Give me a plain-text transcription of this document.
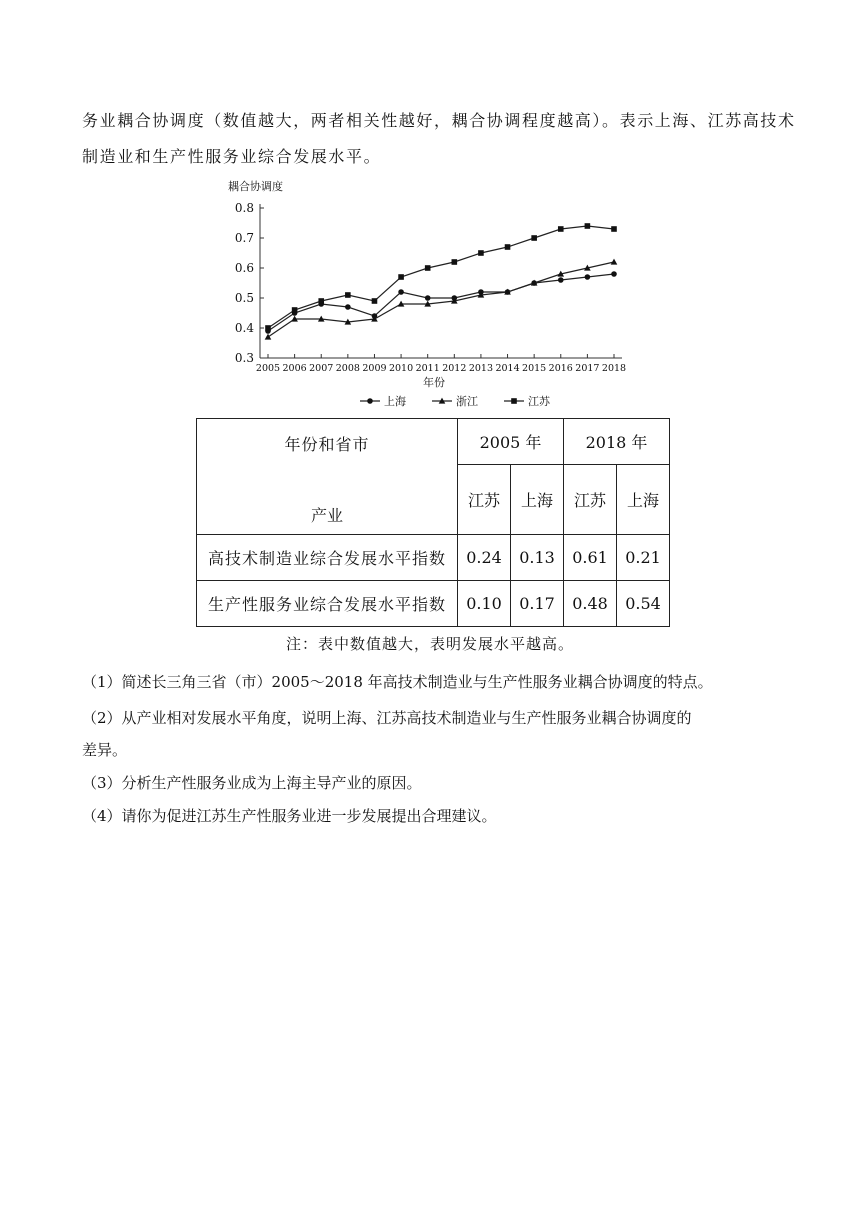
务业耦合协调度（数值越大，两者相关性越好，耦合协调程度越高）。表示上海、江苏高技术
制造业和生产性服务业综合发展水平。
耦合协调度
0.3
0.4
0.5
0.6
0.7
0.8
2005 2006 2007 2008 2009 2010 2011 2012 2013 2014 2015 2016 2017 2018
年份
上海	浙江	江苏
年份和省市
产业	2005 年		2018 年	
	江苏	上海	江苏	上海
高技术制造业综合发展水平指数	0.24	0.13	0.61	0.21
生产性服务业综合发展水平指数	0.10	0.17	0.48	0.54
注：表中数值越大，表明发展水平越高。
（1）简述长三角三省（市）2005～2018 年高技术制造业与生产性服务业耦合协调度的特点。
（2）从产业相对发展水平角度，说明上海、江苏高技术制造业与生产性服务业耦合协调度的
差异。
（3）分析生产性服务业成为上海主导产业的原因。
（4）请你为促进江苏生产性服务业进一步发展提出合理建议。
